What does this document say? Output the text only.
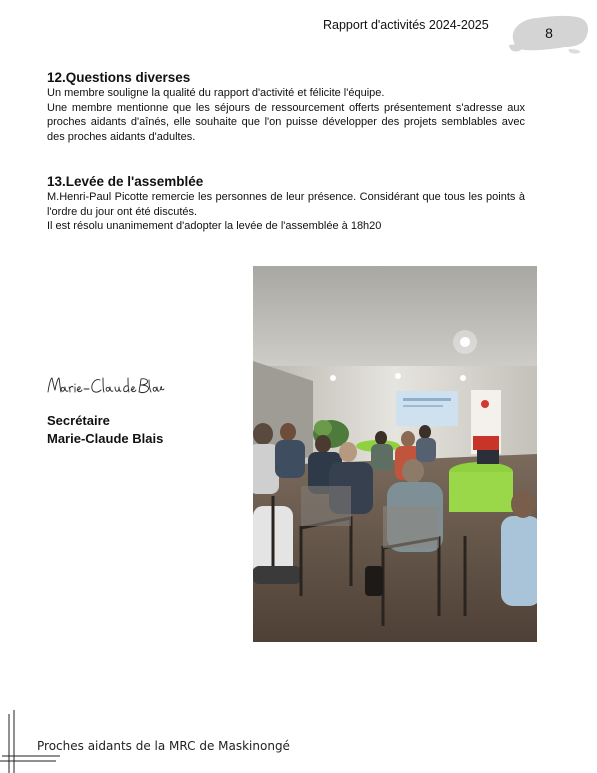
Rapport d'activités 2024-2025	8
12.Questions diverses

Un membre souligne la qualité du rapport d'activité et félicite l'équipe.

Une membre mentionne que les séjours de ressourcement offerts présentement s'adresse aux proches aidants d'aînés, elle souhaite que l'on puisse développer des projets semblables avec des proches aidants d'adultes.

13.Levée de l'assemblée

M.Henri-Paul Picotte remercie les personnes de leur présence. Considérant que tous les points à l'ordre du jour ont été discutés.

Il est résolu unanimement d'adopter la levée de l'assemblée à 18h20

Secrétaire
Marie-Claude Blais
Proches aidants de la MRC de Maskinongé
